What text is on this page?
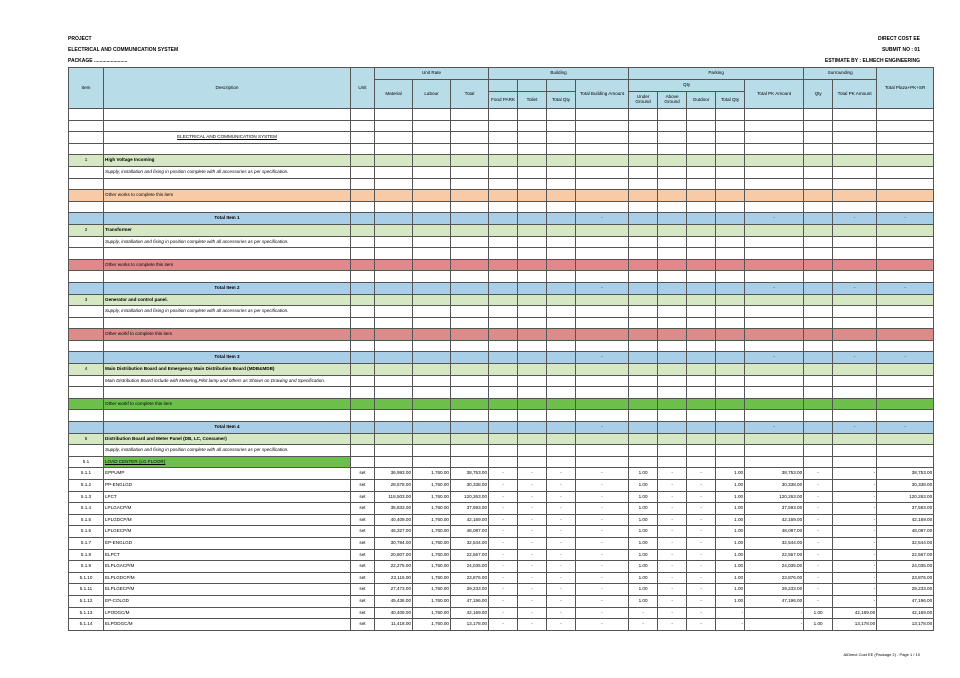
PROJECT
ELECTRICAL AND COMMUNICATION SYSTEM
PACKAGE ........................
DIRECT COST EE
SUBMIT NO : 01
ESTIMATE BY : ELMECH ENGINEERING
Item	Description	Unit	Unit Rate			Building				Parking					Surrounding		Total Plaza+PK+SR
			Material	Labour	Total				Total Building Amount	Qty				Total PK Amount	Qty	Total PK Amount	
						Food PARK	Toilet	Total Qty		Under Ground	Above Ground	Outdoor	Total Qty				

	ELECTRICAL AND COMMUNICATION SYSTEM																

1	High Voltage Incoming																
	Supply, installation and fixing in position complete with all accessories as per specification.																

	Other works to complete this item																

	Total Item 1								-					-		-	-
2	Transformer																
	Supply, installation and fixing in position complete with all accessories as per specification.																

	Other works to complete this item																

	Total Item 2								-					-		-	-
3	Generator and control panel.																
	Supply, installation and fixing in position complete with all accessories as per specification.																

	Other workf to complete this item																

	Total Item 3								-					-		-	-
4	Main Distribution Board and Emergency Main Distribution Board (MDB&MDB)																
	Main Distribution Board include with Metering,Pilot lamp and others as Shown on Drawing and Specification.																

	Other workf to complete this item																

	Total Item 4								-					-		-	-
5	Distribution Board and Meter Panel (DB, LC, Consumer)																
	Supply, installation and fixing in position complete with all accessories as per specification.																
5.1	LOAD CENTER (LG FLOOR)																
5.1.1	EPPUMP	set	36,993.00	1,760.00	38,753.00	-	-	-	-	1.00	-	-	1.00	38,753.00	-	-	38,753.00
5.1.2	PP-ENGLGD	set	28,578.00	1,760.00	30,338.00	-	-	-	-	1.00	-	-	1.00	30,338.00	-	-	30,338.00
5.1.3	LPCT	set	118,503.00	1,760.00	120,263.00	-	-	-	-	1.00	-	-	1.00	120,263.00	-	-	120,263.00
5.1.4	LPLGACP/M	set	35,833.00	1,760.00	37,593.00	-	-	-	-	1.00	-	-	1.00	37,593.00	-	-	37,593.00
5.1.5	LPLGDCP/M	set	40,409.00	1,760.00	42,169.00	-	-	-	-	1.00	-	-	1.00	42,169.00	-	-	42,169.00
5.1.6	LPLGECP/M	set	46,327.00	1,760.00	48,087.00	-	-	-	-	1.00	-	-	1.00	48,087.00	-	-	48,087.00
5.1.7	EP-ENGLGD	set	30,784.00	1,760.00	32,544.00	-	-	-	-	1.00	-	-	1.00	32,544.00	-	-	32,544.00
5.1.8	ELPCT	set	20,807.00	1,760.00	22,567.00	-	-	-	-	1.00	-	-	1.00	22,567.00	-	-	22,567.00
5.1.9	ELPLGACP/M	set	22,275.00	1,760.00	24,035.00	-	-	-	-	1.00	-	-	1.00	24,035.00	-	-	24,035.00
5.1.10	ELPLGDCP/M	set	22,116.00	1,760.00	23,876.00	-	-	-	-	1.00	-	-	1.00	23,876.00	-	-	23,876.00
5.1.11	ELPLGECP/M	set	27,473.00	1,760.00	29,233.00	-	-	-	-	1.00	-	-	1.00	29,233.00	-	-	29,233.00
5.1.12	EP-COLGD	set	45,436.00	1,760.00	47,196.00	-	-	-	-	1.00	-	-	1.00	47,196.00	-	-	47,196.00
5.1.13	LPODGC/M	set	40,409.00	1,760.00	42,169.00	-	-	-	-	-	-	-	-	-	1.00	42,169.00	42,169.00
5.1.14	ELPODGC/M	set	11,418.00	1,760.00	13,178.00	-	-	-	-	-	-	-	-	-	1.00	13,178.00	13,178.00
AiDirect Cost EE (Package 2) - Page 1 / 10
